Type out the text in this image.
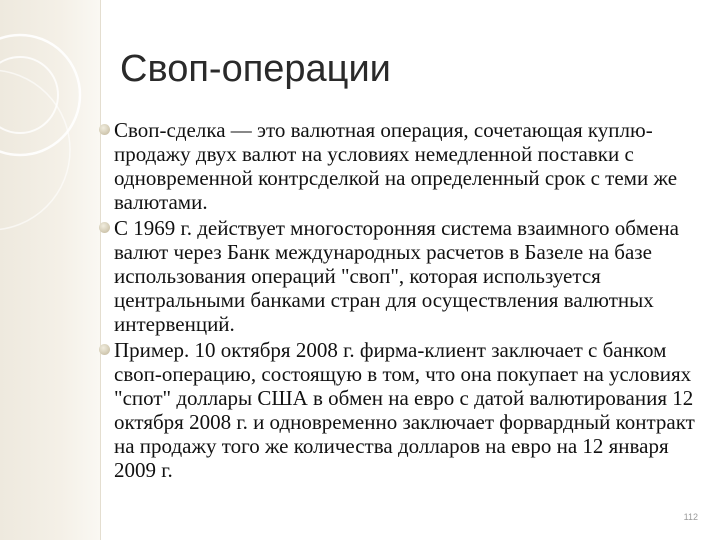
Своп-операции
Своп-сделка — это валютная операция, сочетающая куплю-продажу двух валют на условиях немедленной поставки с одновременной контрсделкой на определенный срок с теми же валютами.
С 1969 г. действует многосторонняя система взаимного обмена валют через Банк международных расчетов в Базеле на базе использования операций "своп", которая используется центральными банками стран для осуществления валютных интервенций.
Пример. 10 октября 2008 г. фирма-клиент заключает с банком своп-операцию, состоящую в том, что она покупает на условиях "спот" доллары США в обмен на евро с датой валютирования 12 октября 2008 г. и одновременно заключает форвардный контракт на продажу того же количества долларов на евро на 12 января 2009 г.
112
